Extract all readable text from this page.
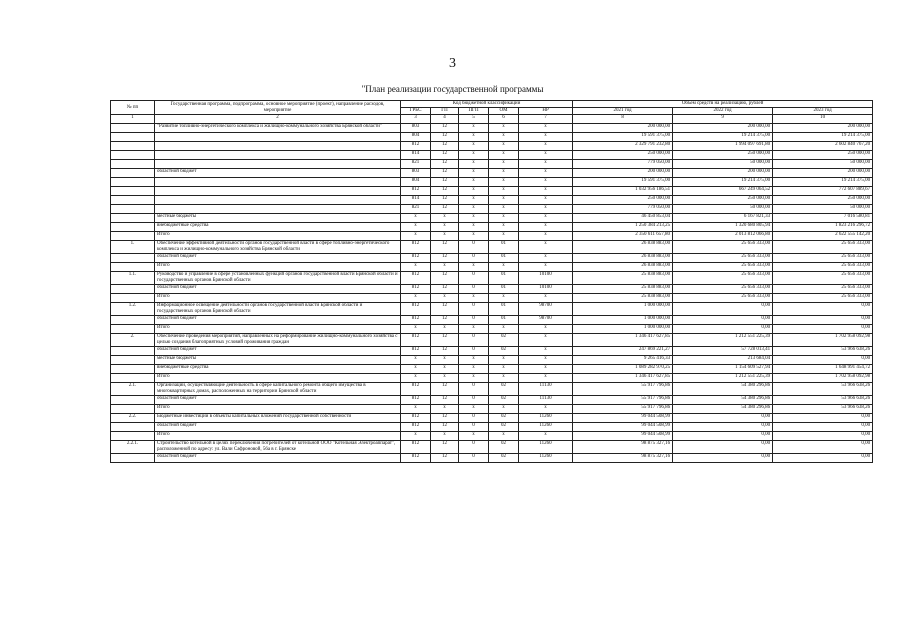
3
"План реализации государственной программы
№ пп	Государственная программа, подпрограмма, основное мероприятие (проект), направление расходов, мероприятие	Код бюджетной классификации					Объем средств на реализацию, рублей		
		ГРБС	ГП	ПГП	ОМ	НР	2021 год	2022 год	2023 год
1	2	3	4	5	6	7	8	9	10
	"Развитие топливно-энергетического комплекса и жилищно-коммунального хозяйства Брянской области"	803	12	х	х	х	200 000,00	200 000,00	200 000,00
		804	12	х	х	х	19 591 375,00	19 214 375,00	19 214 375,00
		812	12	х	х	х	2 329 791 232,80	1 994 097 691,80	2 602 840 767,20
		814	12	х	х	х	250 000,00	250 000,00	250 000,00
		821	12	х	х	х	779 050,00	50 000,00	50 000,00
	областной бюджет	803	12	х	х	х	200 000,00	200 000,00	200 000,00
		804	12	х	х	х	19 591 375,00	19 214 375,00	19 214 375,00
		812	12	х	х	х	1 032 956 186,51	667 249 064,52	772 607 889,67
		814	12	х	х	х	250 000,00	250 000,00	250 000,00
		821	12	х	х	х	779 050,00	50 000,00	50 000,00
	местные бюджеты	х	х	х	х	х	46 450 853,04	6 167 821,33	7 016 580,81
	внебюджетные средства	х	х	х	х	х	1 250 384 213,25	1 320 680 805,94	1 823 216 296,72
	Итого	х	х	х	х	х	2 350 611 657,80	2 013 812 066,80	2 622 555 142,20
1.	Обеспечение эффективной деятельности органов государственной власти в сфере топливно-энергетического комплекса и жилищно-коммунального хозяйства Брянской области	812	12	0	01	х	26 838 883,00	25 656 333,00	25 656 333,00
	областной бюджет	812	12	0	01	х	26 838 883,00	25 656 333,00	25 656 333,00
	Итого	х	х	х	х	х	26 838 883,00	25 656 333,00	25 656 333,00
1.1.	Руководство и управление в сфере установленных функций органов государственной власти Брянской области и государственных органов Брянской области	812	12	0	01	10100	25 838 883,00	25 656 333,00	25 656 333,00
	областной бюджет	812	12	0	01	10100	25 838 883,00	25 656 333,00	25 656 333,00
	Итого	х	х	х	х	х	25 838 883,00	25 656 333,00	25 656 333,00
1.2.	Информационное освещение деятельности органов государственной власти Брянской области и государственных органов Брянской области	812	12	0	01	98700	1 000 000,00	0,00	0,00
	областной бюджет	812	12	0	01	98700	1 000 000,00	0,00	0,00
	Итого	х	х	х	х	х	1 000 000,00	0,00	0,00
2.	Обеспечение проведения мероприятий, направленных на реформирование жилищно-коммунального хозяйства с целью создания благоприятных условий проживания граждан	812	12	0	02	х	1 346 417 627,85	1 212 551 225,39	1 702 958 092,98
	областной бюджет	812	12	0	02	х	247 869 221,27	57 728 013,41	53 966 638,26
	местные бюджеты	х	х	х	х	х	9 265 416,33	213 684,04	0,00
	внебюджетные средства	х	х	х	х	х	1 089 282 970,25	1 154 609 527,94	1 648 991 454,72
	Итого	х	х	х	х	х	1 346 417 627,85	1 212 551 225,39	1 702 958 092,98
2.1.	Организации, осуществляющие деятельность в сфере капитального ремонта общего имущества в многоквартирных домах, расположенных на территории Брянской области	812	12	0	02	11130	55 917 796,86	54 380 296,86	53 966 638,26
	областной бюджет	812	12	0	02	11130	55 917 796,86	54 380 296,86	53 966 638,26
	Итого	х	х	х	х	х	55 917 796,86	54 380 296,86	53 966 638,26
2.2.	Бюджетные инвестиции в объекты капитальных вложений государственной собственности	812	12	0	02	11260	99 044 508,99	0,00	0,00
	областной бюджет	812	12	0	02	11260	99 044 508,99	0,00	0,00
	Итого	х	х	х	х	х	99 044 508,99	0,00	0,00
2.2.1.	Строительство котельной в целях переключения потребителей от котельной ООО "Котельная Электроаппарат", расположенной по адресу: ул. Вали Сафроновой, 56а в г. Брянске	812	12	0	02	11260	98 875 327,16	0,00	0,00
	областной бюджет	812	12	0	02	11260	98 875 327,16	0,00	0,00
